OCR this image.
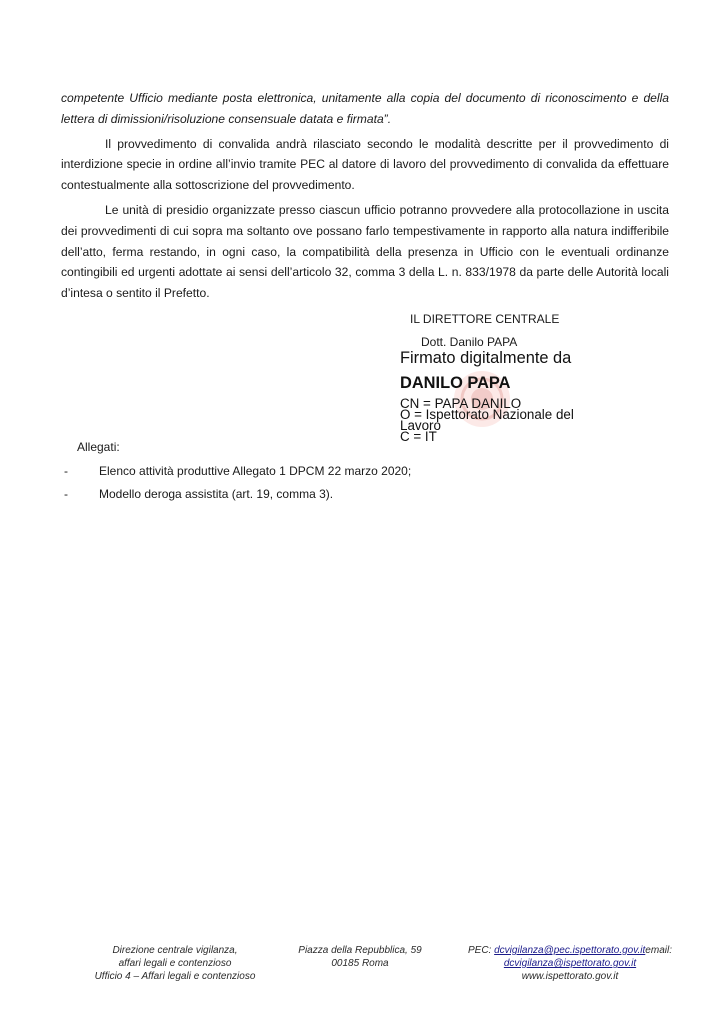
competente Ufficio mediante posta elettronica, unitamente alla copia del documento di riconoscimento e della lettera di dimissioni/risoluzione consensuale datata e firmata”.

Il provvedimento di convalida andrà rilasciato secondo le modalità descritte per il provvedimento di interdizione specie in ordine all’invio tramite PEC al datore di lavoro del provvedimento di convalida da effettuare contestualmente alla sottoscrizione del provvedimento.

Le unità di presidio organizzate presso ciascun ufficio potranno provvedere alla protocollazione in uscita dei provvedimenti di cui sopra ma soltanto ove possano farlo tempestivamente in rapporto alla natura indifferibile dell’atto, ferma restando, in ogni caso, la compatibilità della presenza in Ufficio con le eventuali ordinanze contingibili ed urgenti adottate ai sensi dell’articolo 32, comma 3 della L. n. 833/1978 da parte delle Autorità locali d’intesa o sentito il Prefetto.

IL DIRETTORE CENTRALE
Dott. Danilo PAPA
Firmato digitalmente da
DANILO PAPA
CN = PAPA DANILO
O = Ispettorato Nazionale del
Lavoro
C = IT
Allegati:
-	Elenco attività produttive Allegato 1 DPCM 22 marzo 2020;
-	Modello deroga assistita (art. 19, comma 3).
Direzione centrale vigilanza,
affari legali e contenzioso
Ufficio 4 – Affari legali e contenzioso
Piazza della Repubblica, 59
00185 Roma
PEC: dcvigilanza@pec.ispettorato.gov.itemail:
dcvigilanza@ispettorato.gov.it
www.ispettorato.gov.it
